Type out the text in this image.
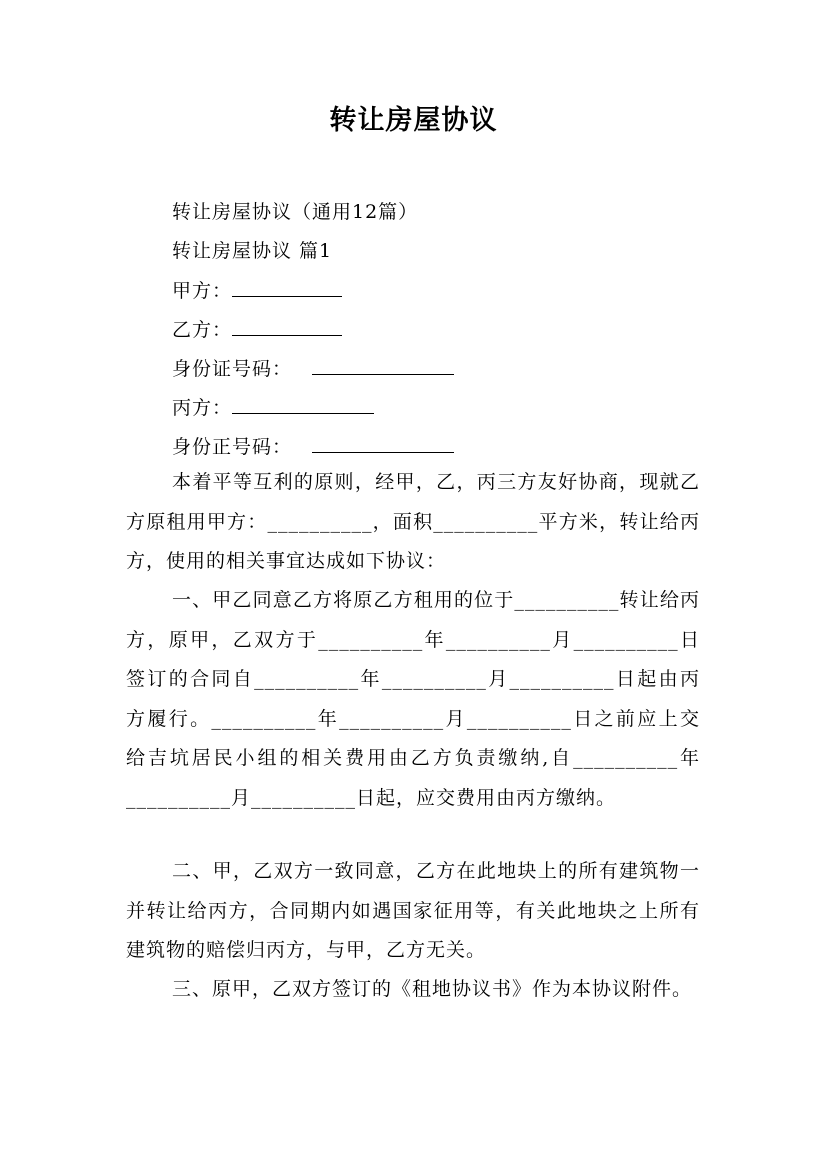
转让房屋协议
转让房屋协议（通用12篇）
转让房屋协议 篇1
甲方：
乙方：
身份证号码：
丙方：
身份正号码：
本着平等互利的原则，经甲，乙，丙三方友好协商，现就乙方原租用甲方：__________，面积__________平方米，转让给丙方，使用的相关事宜达成如下协议：
一、甲乙同意乙方将原乙方租用的位于__________转让给丙方，原甲，乙双方于__________年__________月__________日签订的合同自__________年__________月__________日起由丙方履行。__________年__________月__________日之前应上交给吉坑居民小组的相关费用由乙方负责缴纳,自__________年__________月__________日起，应交费用由丙方缴纳。
二、甲，乙双方一致同意，乙方在此地块上的所有建筑物一并转让给丙方，合同期内如遇国家征用等，有关此地块之上所有建筑物的赔偿归丙方，与甲，乙方无关。
三、原甲，乙双方签订的《租地协议书》作为本协议附件。
